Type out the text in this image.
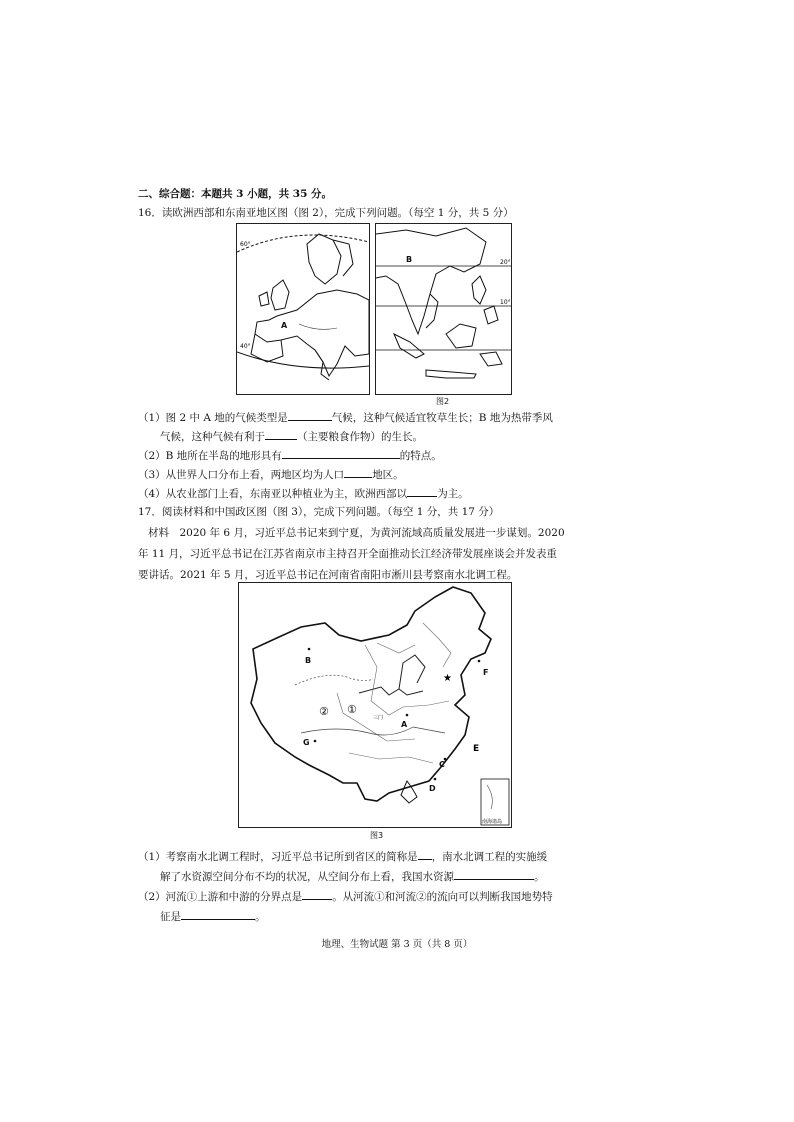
二、综合题：本题共 3 小题，共 35 分。
16．读欧洲西部和东南亚地区图（图 2），完成下列问题。（每空 1 分，共 5 分）
A
60°
40°
B	20°
10°
图2
（1）图 2 中 A 地的气候类型是	气候，这种气候适宜牧草生长；B 地为热带季风
气候，这种气候有利于	（主要粮食作物）的生长。
（2）B 地所在半岛的地形具有	的特点。
（3）从世界人口分布上看，两地区均为人口	地区。
（4）从农业部门上看，东南亚以种植业为主，欧洲西部以	为主。
17．阅读材料和中国政区图（图 3），完成下列问题。（每空 1 分，共 17 分）
材料　2020 年 6 月，习近平总书记来到宁夏，为黄河流域高质量发展进一步谋划。2020
年 11 月，习近平总书记在江苏省南京市主持召开全面推动长江经济带发展座谈会并发表重
要讲话。2021 年 5 月，习近平总书记在河南省南阳市淅川县考察南水北调工程。
南海诸岛
E
★
B
F
A
G
C
D
② ①
三门
图3
（1）考察南水北调工程时，习近平总书记所到省区的简称是 ，南水北调工程的实施缓
解了水资源空间分布不均的状况，从空间分布上看，我国水资源	。
（2）河流①上游和中游的分界点是	。从河流①和河流②的流向可以判断我国地势特
征是	。
地理、生物试题 第 3 页（共 8 页）
